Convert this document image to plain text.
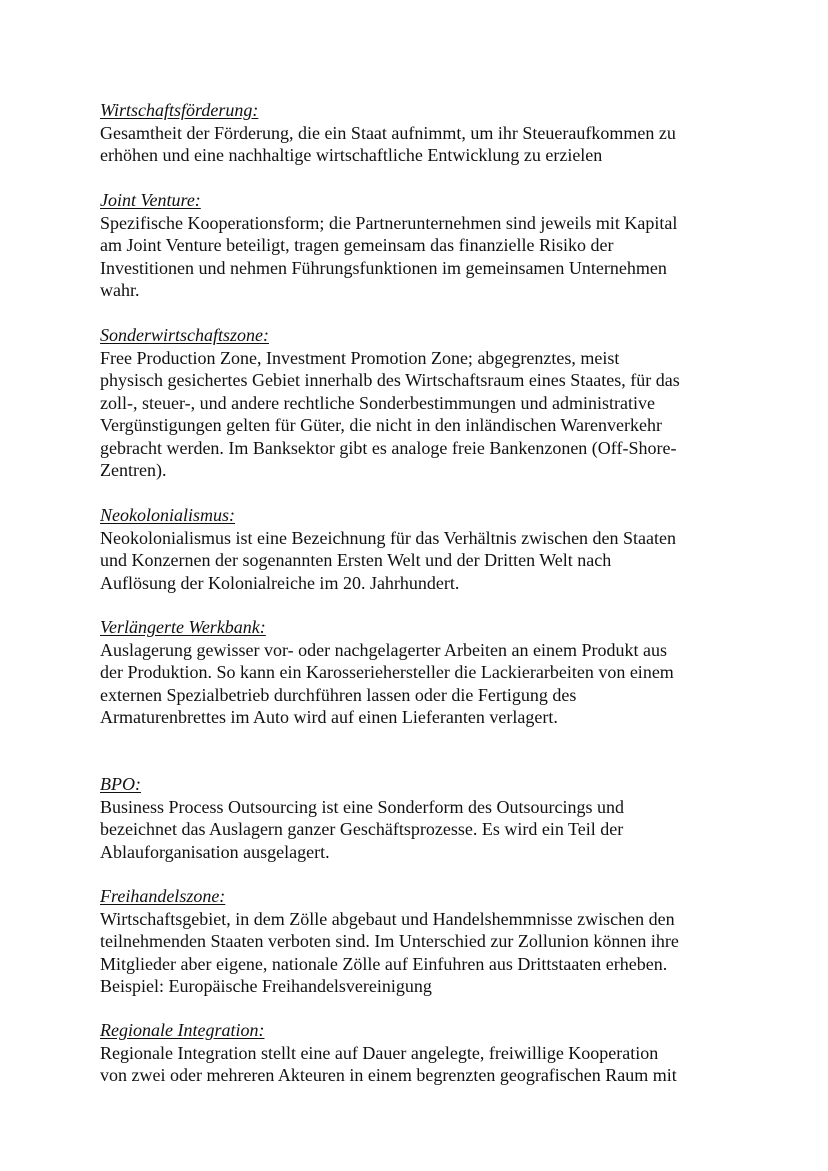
Wirtschaftsförderung:
Gesamtheit der Förderung, die ein Staat aufnimmt, um ihr Steueraufkommen zu
erhöhen und eine nachhaltige wirtschaftliche Entwicklung zu erzielen
Joint Venture:
Spezifische Kooperationsform; die Partnerunternehmen sind jeweils mit Kapital
am Joint Venture beteiligt, tragen gemeinsam das finanzielle Risiko der
Investitionen und nehmen Führungsfunktionen im gemeinsamen Unternehmen
wahr.
Sonderwirtschaftszone:
Free Production Zone, Investment Promotion Zone; abgegrenztes, meist
physisch gesichertes Gebiet innerhalb des Wirtschaftsraum eines Staates, für das
zoll-, steuer-, und andere rechtliche Sonderbestimmungen und administrative
Vergünstigungen gelten für Güter, die nicht in den inländischen Warenverkehr
gebracht werden. Im Banksektor gibt es analoge freie Bankenzonen (Off-Shore-
Zentren).
Neokolonialismus:
Neokolonialismus ist eine Bezeichnung für das Verhältnis zwischen den Staaten
und Konzernen der sogenannten Ersten Welt und der Dritten Welt nach
Auflösung der Kolonialreiche im 20. Jahrhundert.
Verlängerte Werkbank:
Auslagerung gewisser vor- oder nachgelagerter Arbeiten an einem Produkt aus
der Produktion. So kann ein Karosseriehersteller die Lackierarbeiten von einem
externen Spezialbetrieb durchführen lassen oder die Fertigung des
Armaturenbrettes im Auto wird auf einen Lieferanten verlagert.
BPO:
Business Process Outsourcing ist eine Sonderform des Outsourcings und
bezeichnet das Auslagern ganzer Geschäftsprozesse. Es wird ein Teil der
Ablauforganisation ausgelagert.
Freihandelszone:
Wirtschaftsgebiet, in dem Zölle abgebaut und Handelshemmnisse zwischen den
teilnehmenden Staaten verboten sind. Im Unterschied zur Zollunion können ihre
Mitglieder aber eigene, nationale Zölle auf Einfuhren aus Drittstaaten erheben.
Beispiel: Europäische Freihandelsvereinigung
Regionale Integration:
Regionale Integration stellt eine auf Dauer angelegte, freiwillige Kooperation
von zwei oder mehreren Akteuren in einem begrenzten geografischen Raum mit
